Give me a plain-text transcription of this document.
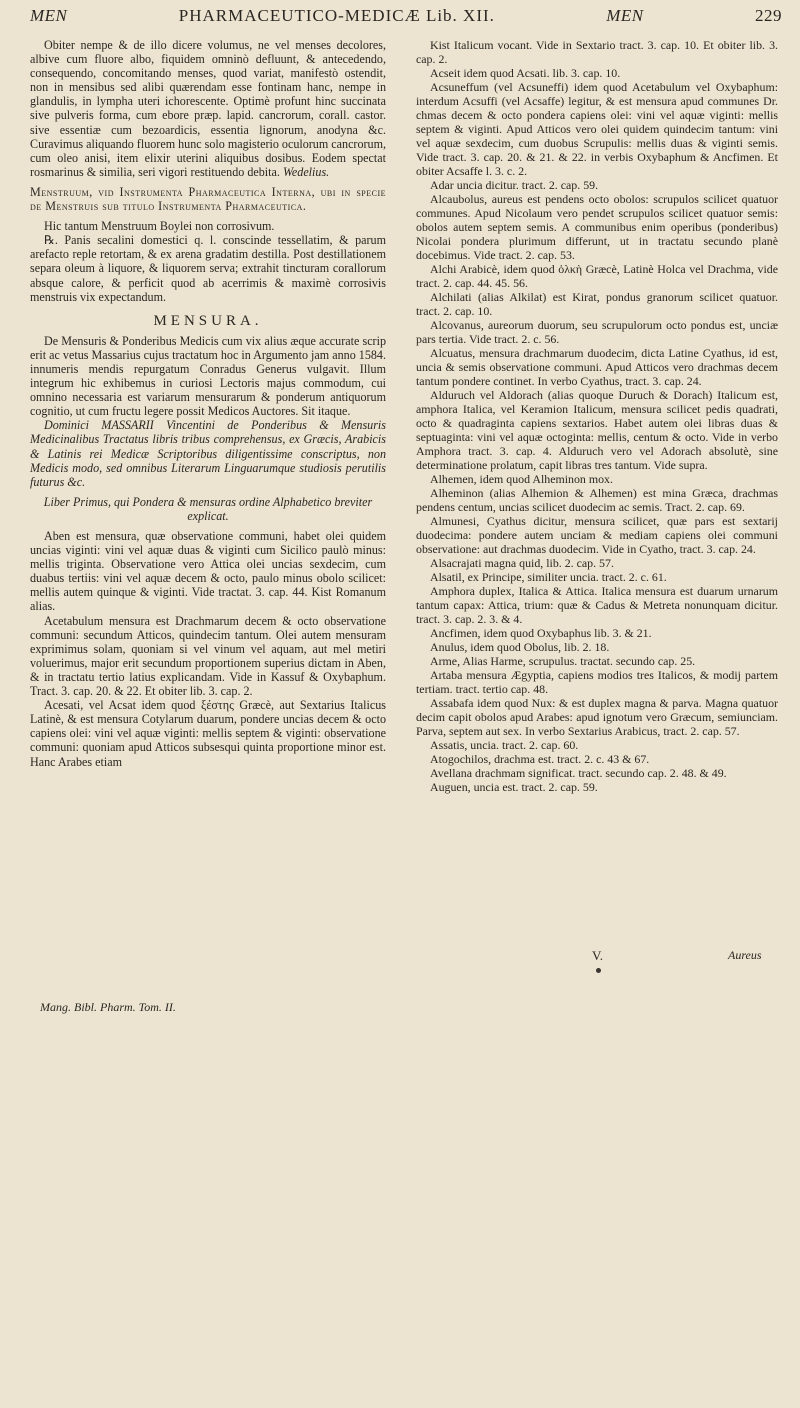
MEN	PHARMACEUTICO-MEDICÆ Lib. XII.	MEN	229

Obiter nempe & de illo dicere volumus, ne vel menses decolores, albive cum fluore albo, fiquidem omninò defluunt, & antecedendo, consequendo, concomitando menses, quod variat, manifestò ostendit, non in mensibus sed alibi quærendam esse fontinam hanc, nempe in glandulis, in lympha uteri ichorescente. Optimè profunt hinc succinata sive pulveris forma, cum ebore præp. lapid. cancrorum, corall. castor. sive essentiæ cum bezoardicis, essentia lignorum, anodyna &c. Curavimus aliquando fluorem hunc solo magisterio oculorum cancrorum, cum oleo anisi, item elixir uterini aliquibus dosibus. Eodem spectat rosmarinus & similia, seri vigori restituendo debita. Wedelius.

Menstruum, vid Instrumenta Pharmaceutica Interna, ubi in specie de Menstruis sub titulo Instrumenta Pharmaceutica.

Hic tantum Menstruum Boylei non corrosivum.

℞. Panis secalini domestici q. l. conscinde tessellatim, & parum arefacto reple retortam, & ex arena gradatim destilla. Post destillationem separa oleum à liquore, & liquorem serva; extrahit tincturam corallorum absque calore, & perficit quod ab acerrimis & maximè corrosivis menstruis vix expectandum.

MENSURA.

De Mensuris & Ponderibus Medicis cum vix alius æque accurate scrip erit ac vetus Massarius cujus tractatum hoc in Argumento jam anno 1584. innumeris mendis repurgatum Conradus Generus vulgavit. Illum integrum hic exhibemus in curiosi Lectoris majus commodum, cui omnino necessaria est variarum mensurarum & ponderum antiquorum cognitio, ut cum fructu legere possit Medicos Auctores. Sit itaque.

Dominici MASSARII Vincentini de Ponderibus & Mensuris Medicinalibus Tractatus libris tribus comprehensus, ex Græcis, Arabicis & Latinis rei Medicæ Scriptoribus diligentissime conscriptus, non Medicis modo, sed omnibus Literarum Linguarumque studiosis perutilis futurus &c.

Liber Primus, qui Pondera & mensuras ordine Alphabetico breviter explicat.

Aben est mensura, quæ observatione communi, habet olei quidem uncias viginti: vini vel aquæ duas & viginti cum Sicilico paulò minus: mellis triginta. Observatione vero Attica olei uncias sexdecim, cum duabus tertiis: vini vel aquæ decem & octo, paulo minus obolo scilicet: mellis autem quinque & viginti. Vide tractat. 3. cap. 44. Kist Romanum alias.

Acetabulum mensura est Drachmarum decem & octo observatione communi: secundum Atticos, quindecim tantum. Olei autem mensuram exprimimus solam, quoniam si vel vinum vel aquam, aut mel metiri voluerimus, major erit secundum proportionem superius dictam in Aben, & in tractatu tertio latius explicandam. Vide in Kassuf & Oxybaphum. Tract. 3. cap. 20. & 22. Et obiter lib. 3. cap. 2.

Acesati, vel Acsat idem quod ξέστης Græcè, aut Sextarius Italicus Latinè, & est mensura Cotylarum duarum, pondere uncias decem & octo capiens olei: vini vel aquæ viginti: mellis septem & viginti: observatione communi: quoniam apud Atticos subsesqui quinta proportione minor est. Hanc Arabes etiam

Kist Italicum vocant. Vide in Sextario tract. 3. cap. 10. Et obiter lib. 3. cap. 2.

Acseit idem quod Acsati. lib. 3. cap. 10.

Acsuneffum (vel Acsuneffi) idem quod Acetabulum vel Oxybaphum: interdum Acsuffi (vel Acsaffe) legitur, & est mensura apud communes Dr. chmas decem & octo pondera capiens olei: vini vel aquæ viginti: mellis septem & viginti. Apud Atticos vero olei quidem quindecim tantum: vini vel aquæ sexdecim, cum duobus Scrupulis: mellis duas & viginti semis. Vide tract. 3. cap. 20. & 21. & 22. in verbis Oxybaphum & Ancfimen. Et obiter Acsaffe l. 3. c. 2.

Adar uncia dicitur. tract. 2. cap. 59.

Alcaubolus, aureus est pendens octo obolos: scrupulos scilicet quatuor communes. Apud Nicolaum vero pendet scrupulos scilicet quatuor semis: obolos autem septem semis. A communibus enim operibus (ponderibus) Nicolai pondera plurimum differunt, ut in tractatu secundo planè docebimus. Vide tract. 2. cap. 53.

Alchi Arabicè, idem quod ὀλκὴ Græcè, Latinè Holca vel Drachma, vide tract. 2. cap. 44. 45. 56.

Alchilati (alias Alkilat) est Kirat, pondus granorum scilicet quatuor. tract. 2. cap. 10.

Alcovanus, aureorum duorum, seu scrupulorum octo pondus est, unciæ pars tertia. Vide tract. 2. c. 56.

Alcuatus, mensura drachmarum duodecim, dicta Latine Cyathus, id est, uncia & semis observatione communi. Apud Atticos vero drachmas decem tantum pondere continet. In verbo Cyathus, tract. 3. cap. 24.

Alduruch vel Aldorach (alias quoque Duruch & Dorach) Italicum est, amphora Italica, vel Keramion Italicum, mensura scilicet pedis quadrati, octo & quadraginta capiens sextarios. Habet autem olei libras duas & septuaginta: vini vel aquæ octoginta: mellis, centum & octo. Vide in verbo Amphora tract. 3. cap. 4. Alduruch vero vel Adorach absolutè, sine determinatione prolatum, capit libras tres tantum. Vide supra.

Alhemen, idem quod Alheminon mox.

Alheminon (alias Alhemion & Alhemen) est mina Græca, drachmas pendens centum, uncias scilicet duodecim ac semis. Tract. 2. cap. 69.

Almunesi, Cyathus dicitur, mensura scilicet, quæ pars est sextarij duodecima: pondere autem unciam & mediam capiens olei communi observatione: aut drachmas duodecim. Vide in Cyatho, tract. 3. cap. 24.

Alsacrajati magna quid, lib. 2. cap. 57.

Alsatil, ex Principe, similiter uncia. tract. 2. c. 61.

Amphora duplex, Italica & Attica. Italica mensura est duarum urnarum tantum capax: Attica, trium: quæ & Cadus & Metreta nonunquam dicitur. tract. 3. cap. 2. 3. & 4.

Ancfimen, idem quod Oxybaphus lib. 3. & 21.

Anulus, idem quod Obolus, lib. 2. 18.

Arme, Alias Harme, scrupulus. tractat. secundo cap. 25.

Artaba mensura Ægyptia, capiens modios tres Italicos, & modij partem tertiam. tract. tertio cap. 48.

Assabafa idem quod Nux: & est duplex magna & parva. Magna quatuor decim capit obolos apud Arabes: apud ignotum vero Græcum, semiunciam. Parva, septem aut sex. In verbo Sextarius Arabicus, tract. 2. cap. 57.

Assatis, uncia. tract. 2. cap. 60.

Atogochilos, drachma est. tract. 2. c. 43 & 67.

Avellana drachmam significat. tract. secundo cap. 2. 48. & 49.

Auguen, uncia est. tract. 2. cap. 59.

Mang. Bibl. Pharm. Tom. II.
V.	Aureus
